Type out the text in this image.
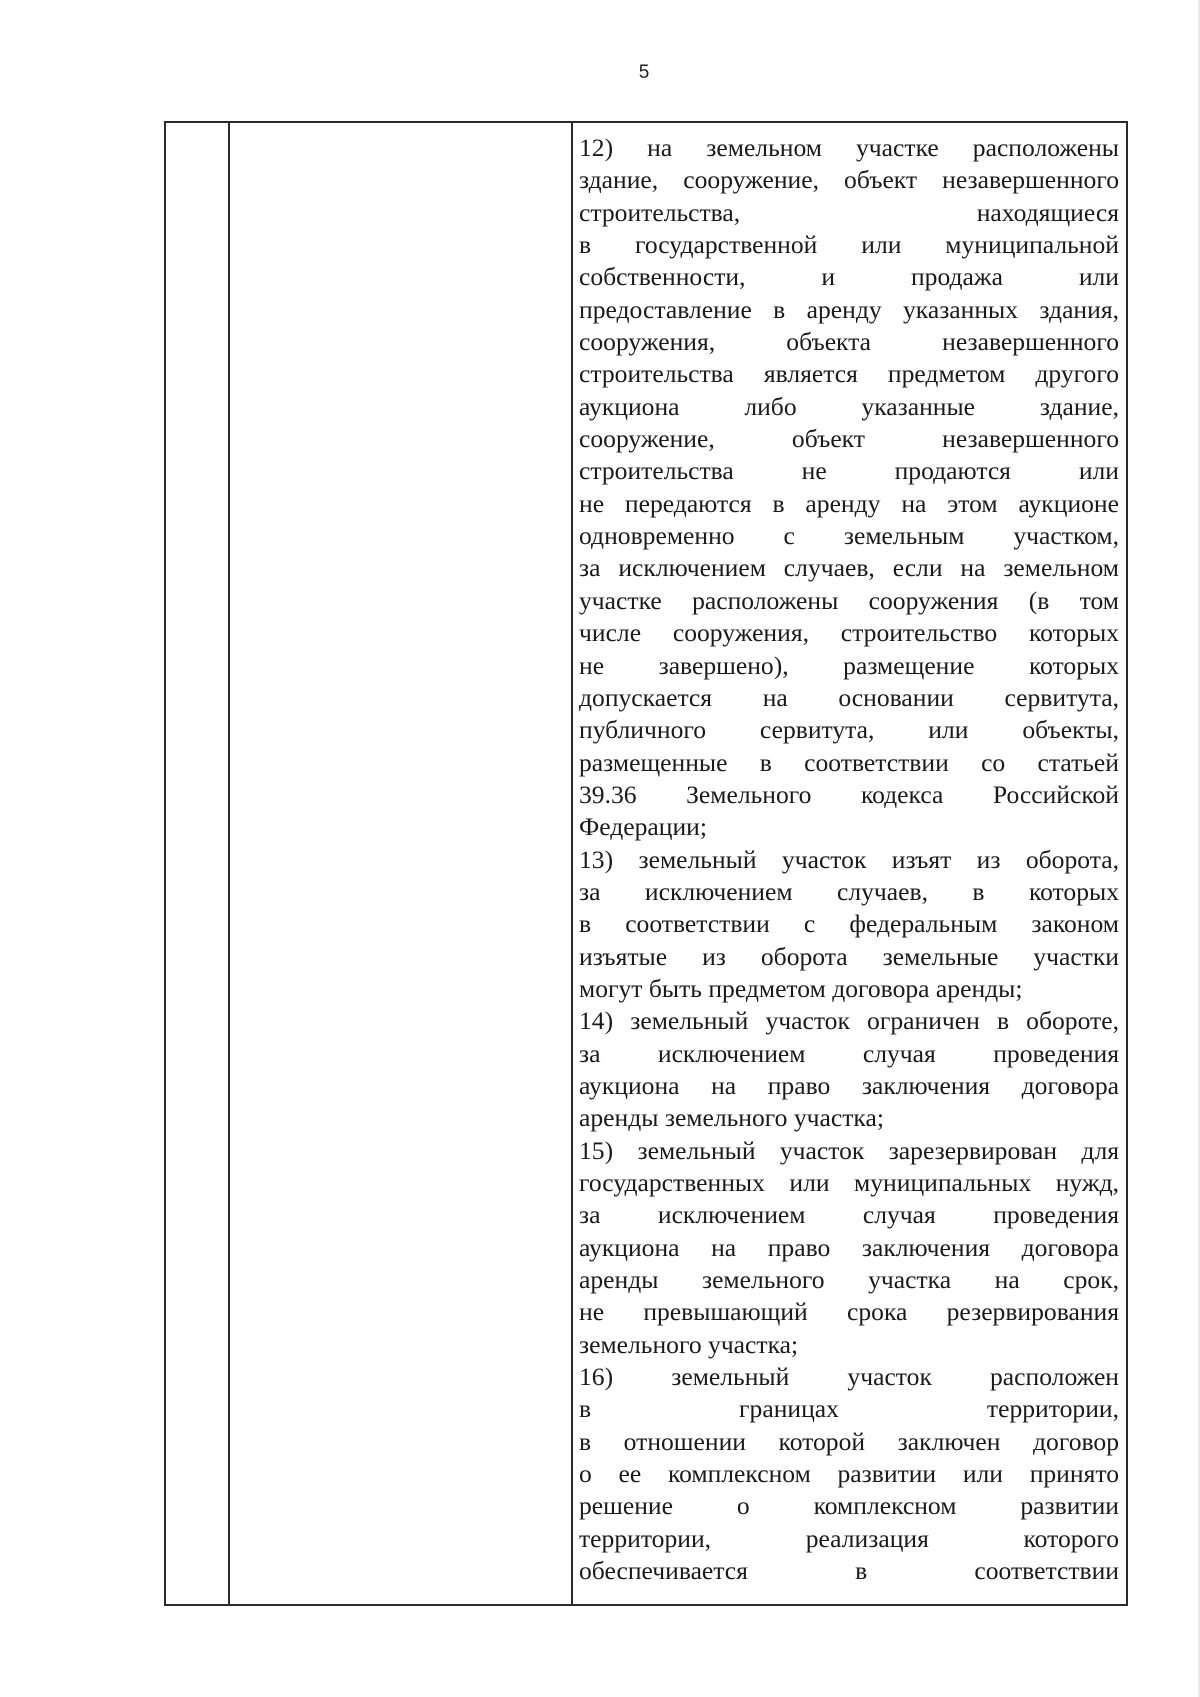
5
12) на земельном участке расположены
здание, сооружение, объект незавершенного
строительства, находящиеся
в государственной или муниципальной
собственности, и продажа или
предоставление в аренду указанных здания,
сооружения, объекта незавершенного
строительства является предметом другого
аукциона либо указанные здание,
сооружение, объект незавершенного
строительства не продаются или
не передаются в аренду на этом аукционе
одновременно с земельным участком,
за исключением случаев, если на земельном
участке расположены сооружения (в том
числе сооружения, строительство которых
не завершено), размещение которых
допускается на основании сервитута,
публичного сервитута, или объекты,
размещенные в соответствии со статьей
39.36 Земельного кодекса Российской
Федерации;
13) земельный участок изъят из оборота,
за исключением случаев, в которых
в соответствии с федеральным законом
изъятые из оборота земельные участки
могут быть предметом договора аренды;
14) земельный участок ограничен в обороте,
за исключением случая проведения
аукциона на право заключения договора
аренды земельного участка;
15) земельный участок зарезервирован для
государственных или муниципальных нужд,
за исключением случая проведения
аукциона на право заключения договора
аренды земельного участка на срок,
не превышающий срока резервирования
земельного участка;
16) земельный участок расположен
в границах территории,
в отношении которой заключен договор
о ее комплексном развитии или принято
решение о комплексном развитии
территории, реализация которого
обеспечивается в соответствии
